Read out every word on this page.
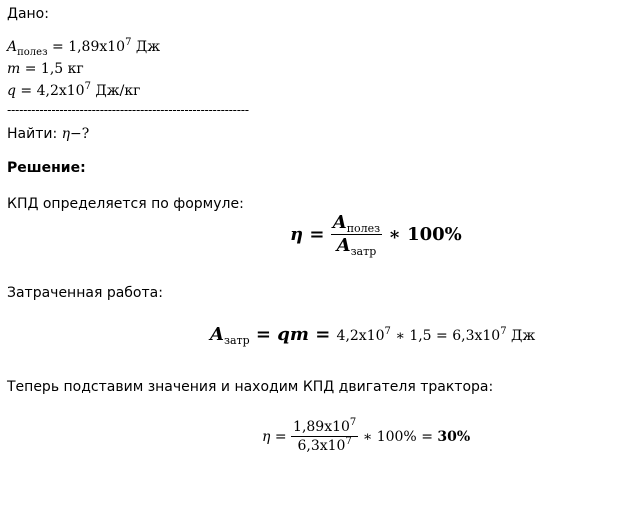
Дано:
$A_{полез} = 1,89x10^7$ Дж
m = 1,5 кг
$q = 4,2x10^7$ Дж/кг
------------------------------------------------------------
Найти: η−?
Решение:
КПД определяется по формуле:
$\eta = \frac{A_{полез}}{A_{затр}}$ ∗ 100%
Затраченная работа:
$A_{затр}$ = qm = $4,2x10^7$ ∗ $1,5 = 6,3x10^7$ Дж
Теперь подставим значения и находим КПД двигателя трактора:
$\eta = \frac{1,89x10^7}{6,3x10^7}$ ∗ 100% = 30%
